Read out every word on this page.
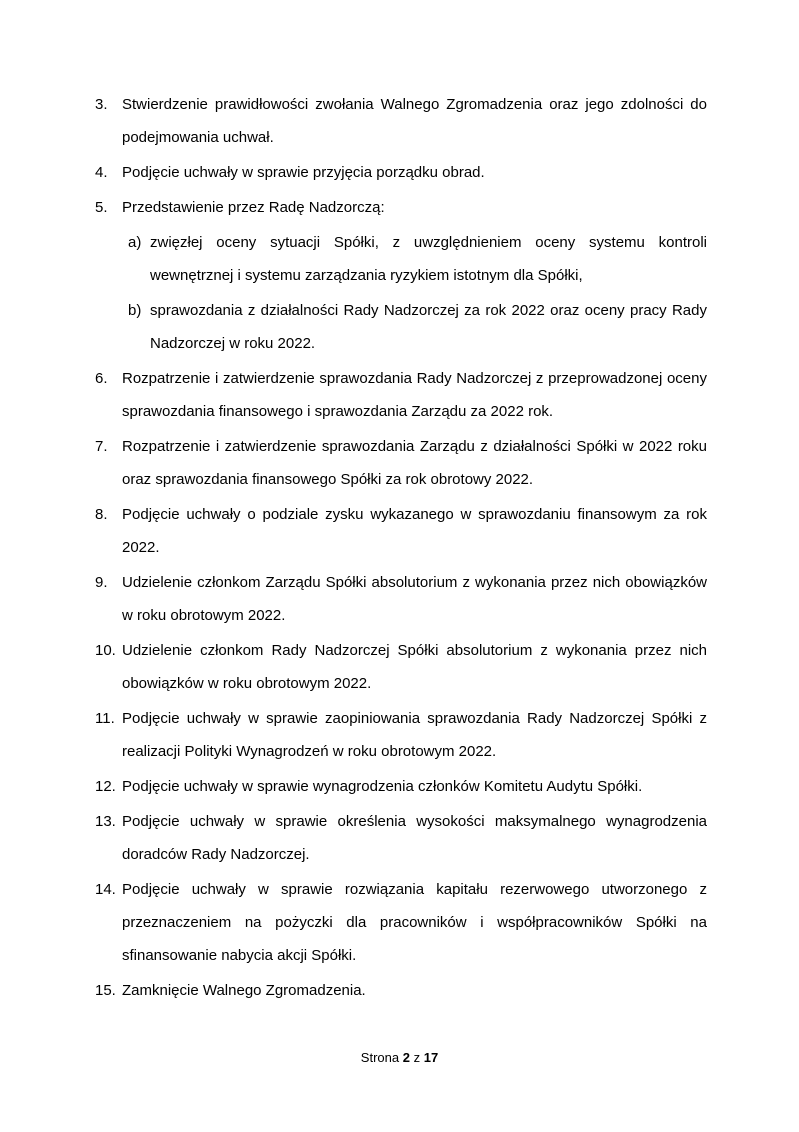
3. Stwierdzenie prawidłowości zwołania Walnego Zgromadzenia oraz jego zdolności do podejmowania uchwał.
4. Podjęcie uchwały w sprawie przyjęcia porządku obrad.
5. Przedstawienie przez Radę Nadzorczą:
a) zwięzłej oceny sytuacji Spółki, z uwzględnieniem oceny systemu kontroli wewnętrznej i systemu zarządzania ryzykiem istotnym dla Spółki,
b) sprawozdania z działalności Rady Nadzorczej za rok 2022 oraz oceny pracy Rady Nadzorczej w roku 2022.
6. Rozpatrzenie i zatwierdzenie sprawozdania Rady Nadzorczej z przeprowadzonej oceny sprawozdania finansowego i sprawozdania Zarządu za 2022 rok.
7. Rozpatrzenie i zatwierdzenie sprawozdania Zarządu z działalności Spółki w 2022 roku oraz sprawozdania finansowego Spółki za rok obrotowy 2022.
8. Podjęcie uchwały o podziale zysku wykazanego w sprawozdaniu finansowym za rok 2022.
9. Udzielenie członkom Zarządu Spółki absolutorium z wykonania przez nich obowiązków w roku obrotowym 2022.
10. Udzielenie członkom Rady Nadzorczej Spółki absolutorium z wykonania przez nich obowiązków w roku obrotowym 2022.
11. Podjęcie uchwały w sprawie zaopiniowania sprawozdania Rady Nadzorczej Spółki z realizacji Polityki Wynagrodzeń w roku obrotowym 2022.
12. Podjęcie uchwały w sprawie wynagrodzenia członków Komitetu Audytu Spółki.
13. Podjęcie uchwały w sprawie określenia wysokości maksymalnego wynagrodzenia doradców Rady Nadzorczej.
14. Podjęcie uchwały w sprawie rozwiązania kapitału rezerwowego utworzonego z przeznaczeniem na pożyczki dla pracowników i współpracowników Spółki na sfinansowanie nabycia akcji Spółki.
15. Zamknięcie Walnego Zgromadzenia.
Strona 2 z 17
